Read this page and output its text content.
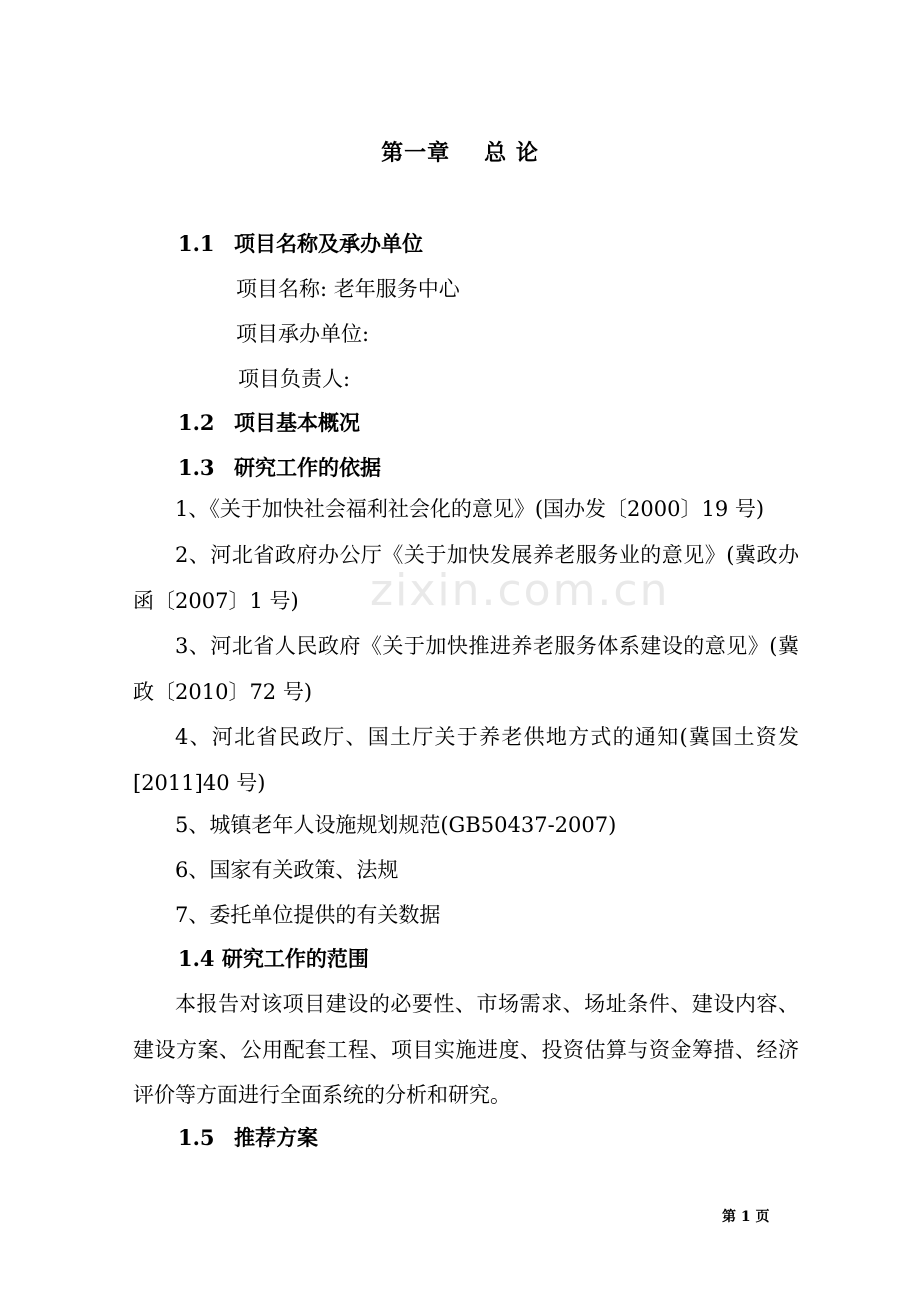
第一章 总 论
1.1 项目名称及承办单位
项目名称: 老年服务中心
项目承办单位:
项目负责人:
1.2 项目基本概况
1.3 研究工作的依据
1、《关于加快社会福利社会化的意见》(国办发〔2000〕19 号)
2、河北省政府办公厅《关于加快发展养老服务业的意见》(冀政办函〔2007〕1 号)
3、河北省人民政府《关于加快推进养老服务体系建设的意见》(冀政〔2010〕72 号)
4、河北省民政厅、国土厅关于养老供地方式的通知(冀国土资发[2011]40 号)
5、城镇老年人设施规划规范(GB50437-2007)
6、国家有关政策、法规
7、委托单位提供的有关数据
1.4 研究工作的范围
本报告对该项目建设的必要性、市场需求、场址条件、建设内容、建设方案、公用配套工程、项目实施进度、投资估算与资金筹措、经济评价等方面进行全面系统的分析和研究。
1.5 推荐方案
zixin.com.cn
第 1 页
